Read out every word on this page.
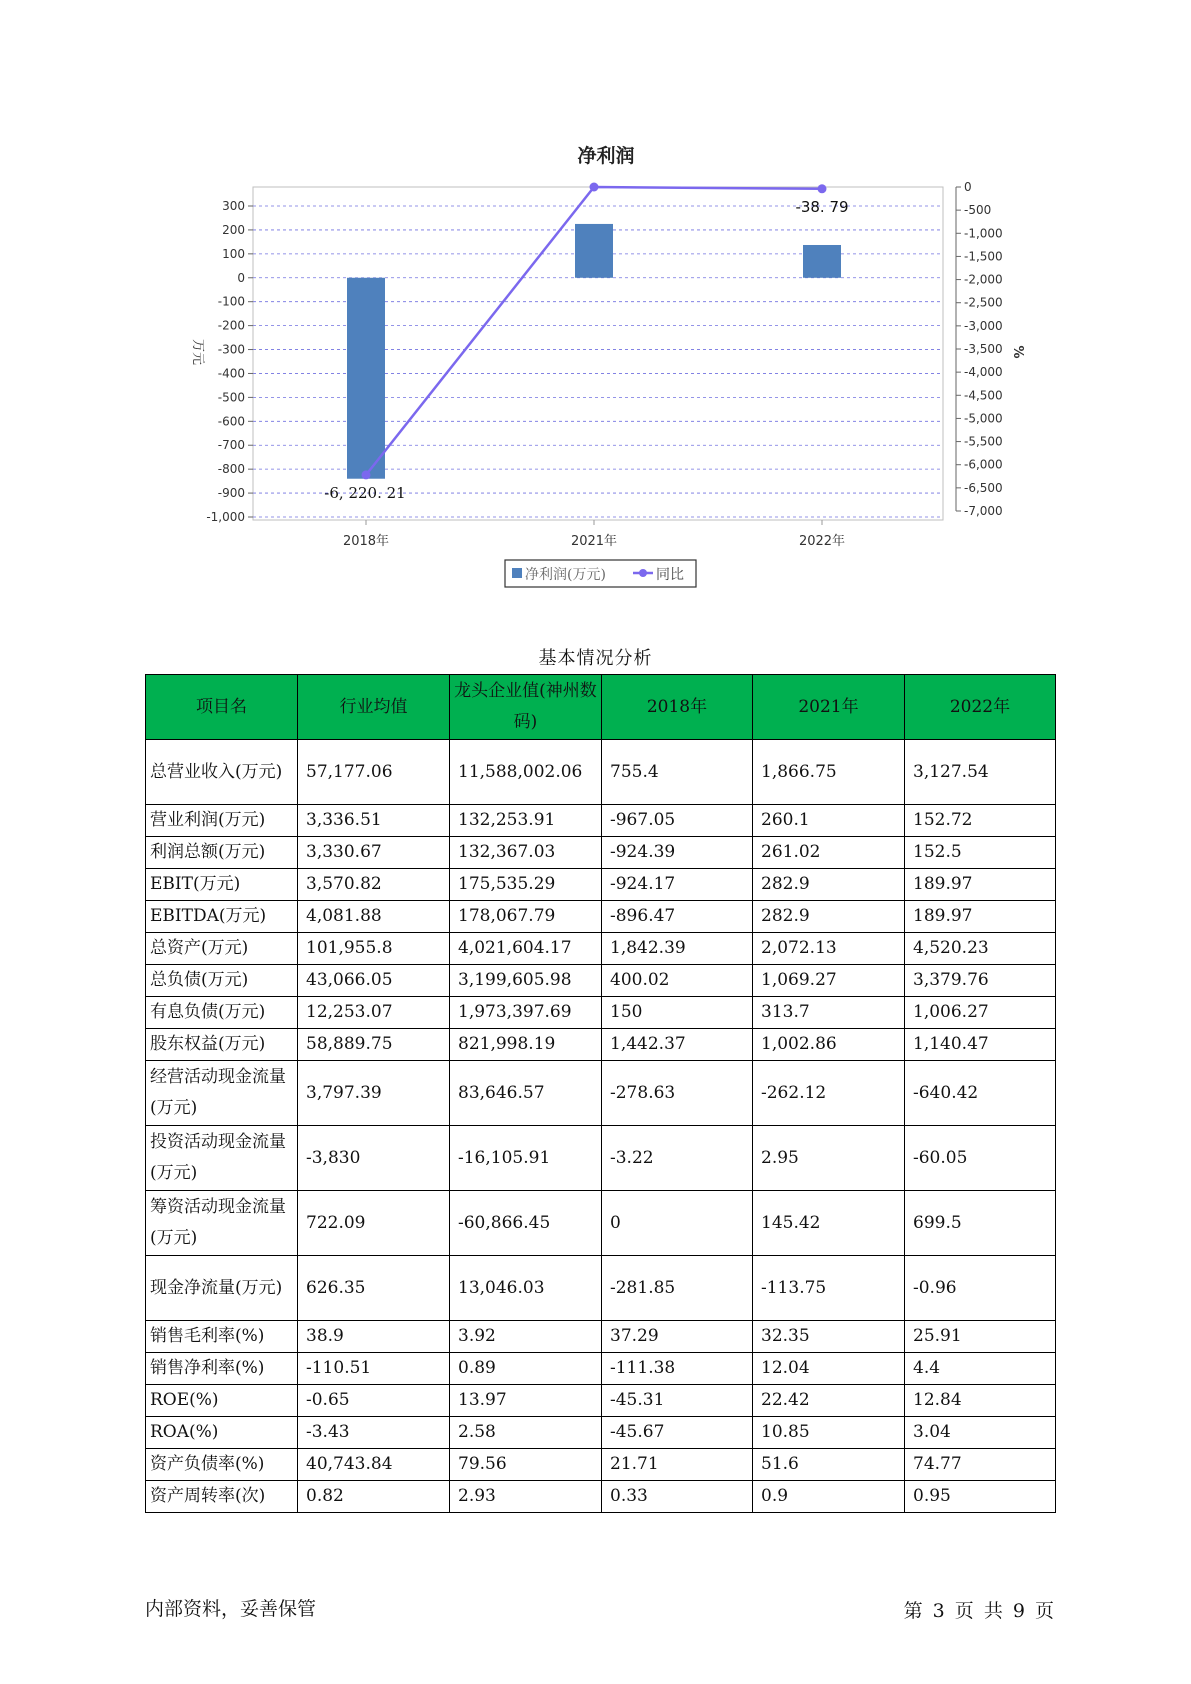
净利润
300
200
100
0
-100
-200
-300
-400
-500
-600
-700
-800
-900
-1,000
0
-500
-1,000
-1,500
-2,000
-2,500
-3,000
-3,500
-4,000
-4,500
-5,000
-5,500
-6,000
-6,500
-7,000
万元	%
2018年	2021年	2022年
-6, 220. 21
-38. 79
净利润(万元)	同比
基本情况分析
项目名	行业均值	龙头企业值(神州数码)	2018年	2021年	2022年
总营业收入(万元)	57,177.06	11,588,002.06	755.4	1,866.75	3,127.54
营业利润(万元)	3,336.51	132,253.91	-967.05	260.1	152.72
利润总额(万元)	3,330.67	132,367.03	-924.39	261.02	152.5
EBIT(万元)	3,570.82	175,535.29	-924.17	282.9	189.97
EBITDA(万元)	4,081.88	178,067.79	-896.47	282.9	189.97
总资产(万元)	101,955.8	4,021,604.17	1,842.39	2,072.13	4,520.23
总负债(万元)	43,066.05	3,199,605.98	400.02	1,069.27	3,379.76
有息负债(万元)	12,253.07	1,973,397.69	150	313.7	1,006.27
股东权益(万元)	58,889.75	821,998.19	1,442.37	1,002.86	1,140.47
经营活动现金流量(万元)	3,797.39	83,646.57	-278.63	-262.12	-640.42
投资活动现金流量(万元)	-3,830	-16,105.91	-3.22	2.95	-60.05
筹资活动现金流量(万元)	722.09	-60,866.45	0	145.42	699.5
现金净流量(万元)	626.35	13,046.03	-281.85	-113.75	-0.96
销售毛利率(%)	38.9	3.92	37.29	32.35	25.91
销售净利率(%)	-110.51	0.89	-111.38	12.04	4.4
ROE(%)	-0.65	13.97	-45.31	22.42	12.84
ROA(%)	-3.43	2.58	-45.67	10.85	3.04
资产负债率(%)	40,743.84	79.56	21.71	51.6	74.77
资产周转率(次)	0.82	2.93	0.33	0.9	0.95
内部资料，妥善保管	第 3 页 共 9 页
